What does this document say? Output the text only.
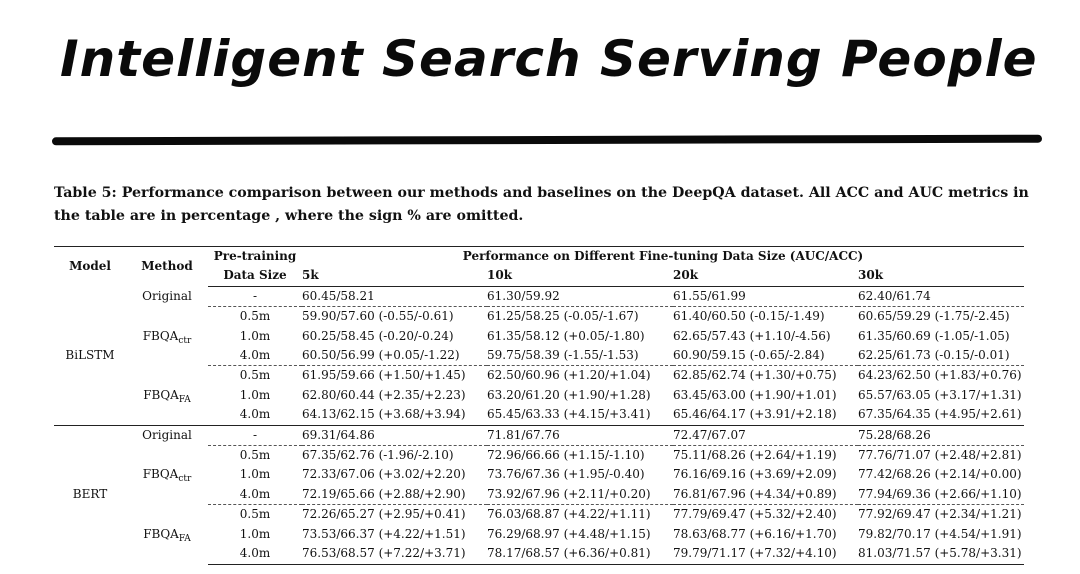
Intelligent Search Serving People
Table 5: Performance comparison between our methods and baselines on the DeepQA dataset. All ACC and AUC metrics in the table are in percentage , where the sign % are omitted.
Model	Method	Pre-training	Performance on Different Fine-tuning Data Size (AUC/ACC)			
		Data Size	5k	10k	20k	30k
BiLSTM	Original	-	60.45/58.21	61.30/59.92	61.55/61.99	62.40/61.74
	$FBQA_{ctr}$	0.5m	59.90/57.60 (-0.55/-0.61)	61.25/58.25 (-0.05/-1.67)	61.40/60.50 (-0.15/-1.49)	60.65/59.29 (-1.75/-2.45)
		1.0m	60.25/58.45 (-0.20/-0.24)	61.35/58.12 (+0.05/-1.80)	62.65/57.43 (+1.10/-4.56)	61.35/60.69 (-1.05/-1.05)
		4.0m	60.50/56.99 (+0.05/-1.22)	59.75/58.39 (-1.55/-1.53)	60.90/59.15 (-0.65/-2.84)	62.25/61.73 (-0.15/-0.01)
	$FBQA_{FA}$	0.5m	61.95/59.66 (+1.50/+1.45)	62.50/60.96 (+1.20/+1.04)	62.85/62.74 (+1.30/+0.75)	64.23/62.50 (+1.83/+0.76)
		1.0m	62.80/60.44 (+2.35/+2.23)	63.20/61.20 (+1.90/+1.28)	63.45/63.00 (+1.90/+1.01)	65.57/63.05 (+3.17/+1.31)
		4.0m	64.13/62.15 (+3.68/+3.94)	65.45/63.33 (+4.15/+3.41)	65.46/64.17 (+3.91/+2.18)	67.35/64.35 (+4.95/+2.61)
BERT	Original	-	69.31/64.86	71.81/67.76	72.47/67.07	75.28/68.26
	$FBQA_{ctr}$	0.5m	67.35/62.76 (-1.96/-2.10)	72.96/66.66 (+1.15/-1.10)	75.11/68.26 (+2.64/+1.19)	77.76/71.07 (+2.48/+2.81)
		1.0m	72.33/67.06 (+3.02/+2.20)	73.76/67.36 (+1.95/-0.40)	76.16/69.16 (+3.69/+2.09)	77.42/68.26 (+2.14/+0.00)
		4.0m	72.19/65.66 (+2.88/+2.90)	73.92/67.96 (+2.11/+0.20)	76.81/67.96 (+4.34/+0.89)	77.94/69.36 (+2.66/+1.10)
	$FBQA_{FA}$	0.5m	72.26/65.27 (+2.95/+0.41)	76.03/68.87 (+4.22/+1.11)	77.79/69.47 (+5.32/+2.40)	77.92/69.47 (+2.34/+1.21)
		1.0m	73.53/66.37 (+4.22/+1.51)	76.29/68.97 (+4.48/+1.15)	78.63/68.77 (+6.16/+1.70)	79.82/70.17 (+4.54/+1.91)
		4.0m	76.53/68.57 (+7.22/+3.71)	78.17/68.57 (+6.36/+0.81)	79.79/71.17 (+7.32/+4.10)	81.03/71.57 (+5.78/+3.31)
